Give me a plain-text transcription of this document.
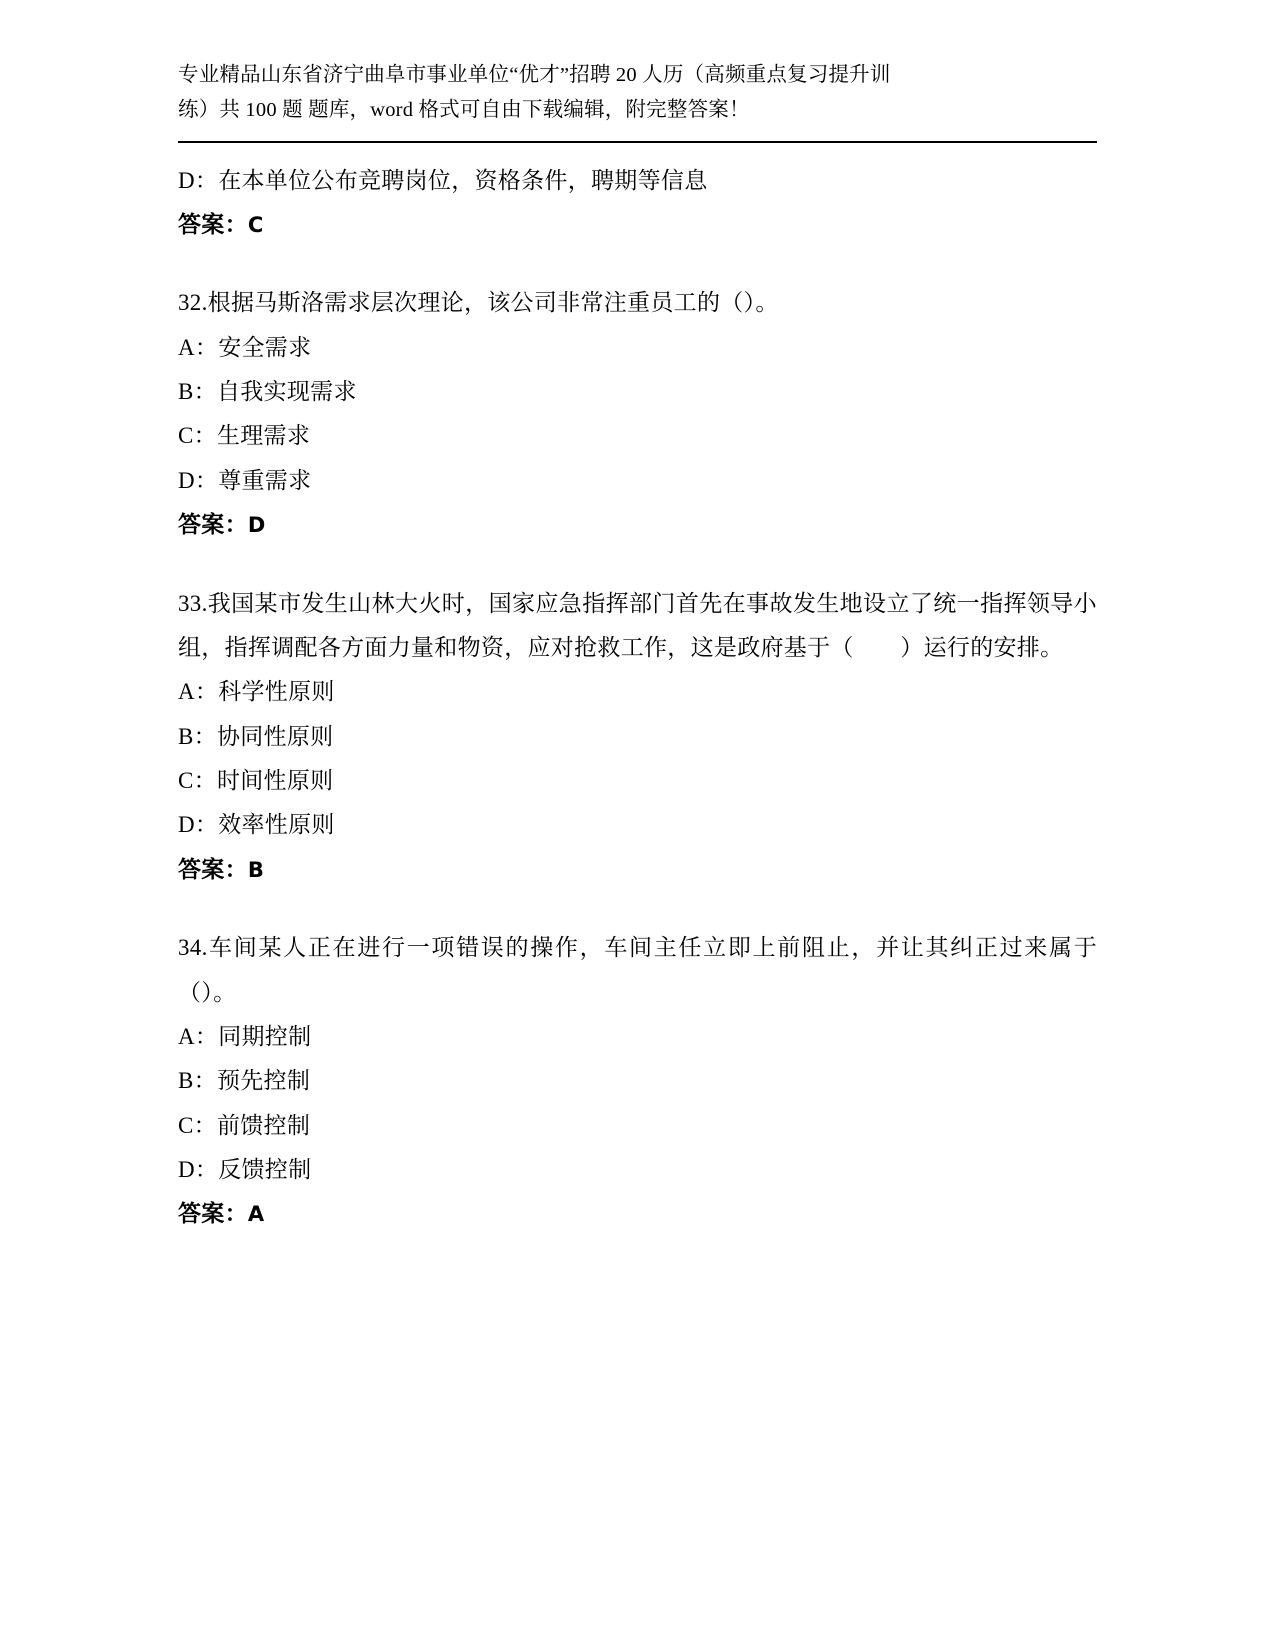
专业精品山东省济宁曲阜市事业单位“优才”招聘 20 人历（高频重点复习提升训
练）共 100 题 题库，word 格式可自由下载编辑，附完整答案！
D：在本单位公布竞聘岗位，资格条件，聘期等信息
答案：C
32.根据马斯洛需求层次理论，该公司非常注重员工的（）。
A：安全需求
B：自我实现需求
C：生理需求
D：尊重需求
答案：D
33.我国某市发生山林大火时，国家应急指挥部门首先在事故发生地设立了统一指挥领导小组，指挥调配各方面力量和物资，应对抢救工作，这是政府基于（　　）运行的安排。
A：科学性原则
B：协同性原则
C：时间性原则
D：效率性原则
答案：B
34.车间某人正在进行一项错误的操作，车间主任立即上前阻止，并让其纠正过来属于（）。
A：同期控制
B：预先控制
C：前馈控制
D：反馈控制
答案：A
